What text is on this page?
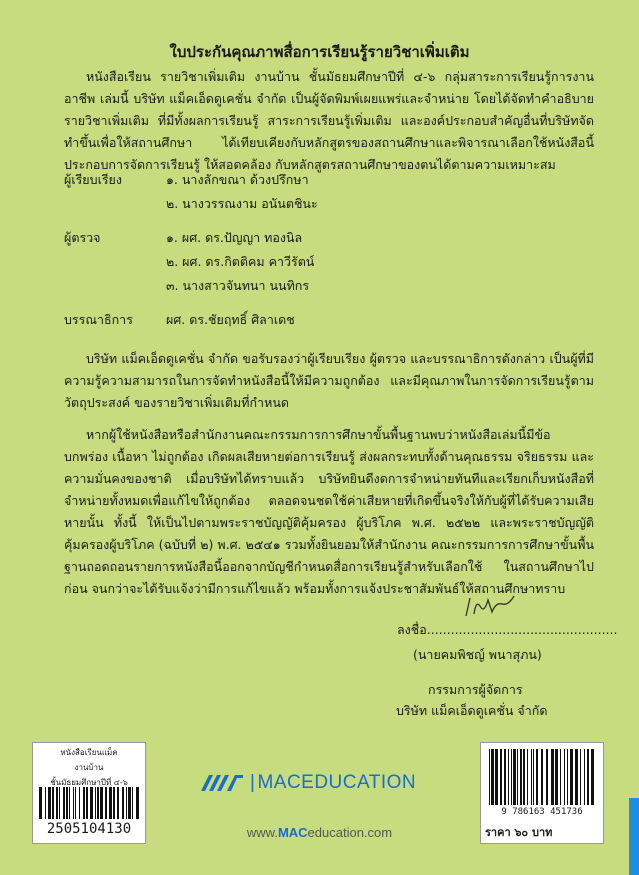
ใบประกันคุณภาพสื่อการเรียนรู้รายวิชาเพิ่มเติม

หนังสือเรียน รายวิชาเพิ่มเติม งานบ้าน ชั้นมัธยมศึกษาปีที่ ๔-๖ กลุ่มสาระการเรียนรู้การงานอาชีพ เล่มนี้ บริษัท แม็คเอ็ดดูเคชั่น จำกัด เป็นผู้จัดพิมพ์เผยแพร่และจำหน่าย โดยได้จัดทำคำอธิบายรายวิชาเพิ่มเติม ที่มีทั้งผลการเรียนรู้ สาระการเรียนรู้เพิ่มเติม และองค์ประกอบสำคัญอื่นที่บริษัทจัดทำขึ้นเพื่อให้สถานศึกษา ได้เทียบเคียงกับหลักสูตรของสถานศึกษาและพิจารณาเลือกใช้หนังสือนี้ประกอบการจัดการเรียนรู้ ให้สอดคล้อง กับหลักสูตรสถานศึกษาของตนได้ตามความเหมาะสม

ผู้เรียบเรียง	๑. นางลักขณา ด้วงปรึกษา
๒. นางวรรณงาม อนันตชินะ
ผู้ตรวจ	๑. ผศ. ดร.ปัญญา ทองนิล
๒. ผศ. ดร.กิตติคม คาวีรัตน์
๓. นางสาวจันทนา นนทิกร
บรรณาธิการ	ผศ. ดร.ชัยฤทธิ์ ศิลาเดช

บริษัท แม็คเอ็ดดูเคชั่น จำกัด ขอรับรองว่าผู้เรียบเรียง ผู้ตรวจ และบรรณาธิการดังกล่าว เป็นผู้ที่มี ความรู้ความสามารถในการจัดทำหนังสือนี้ให้มีความถูกต้อง และมีคุณภาพในการจัดการเรียนรู้ตามวัตถุประสงค์ ของรายวิชาเพิ่มเติมที่กำหนด

หากผู้ใช้หนังสือหรือสำนักงานคณะกรรมการการศึกษาขั้นพื้นฐานพบว่าหนังสือเล่มนี้มีข้อบกพร่อง เนื้อหา ไม่ถูกต้อง เกิดผลเสียหายต่อการเรียนรู้ ส่งผลกระทบทั้งด้านคุณธรรม จริยธรรม และความมั่นคงของชาติ เมื่อบริษัทได้ทราบแล้ว บริษัทยินดีงดการจำหน่ายทันทีและเรียกเก็บหนังสือที่จำหน่ายทั้งหมดเพื่อแก้ไขให้ถูกต้อง ตลอดจนชดใช้ค่าเสียหายที่เกิดขึ้นจริงให้กับผู้ที่ได้รับความเสียหายนั้น ทั้งนี้ ให้เป็นไปตามพระราชบัญญัติคุ้มครอง ผู้บริโภค พ.ศ. ๒๕๒๒ และพระราชบัญญัติคุ้มครองผู้บริโภค (ฉบับที่ ๒) พ.ศ. ๒๕๔๑ รวมทั้งยินยอมให้สำนักงาน คณะกรรมการการศึกษาขั้นพื้นฐานถอดถอนรายการหนังสือนี้ออกจากบัญชีกำหนดสื่อการเรียนรู้สำหรับเลือกใช้ ในสถานศึกษาไปก่อน จนกว่าจะได้รับแจ้งว่ามีการแก้ไขแล้ว พร้อมทั้งการแจ้งประชาสัมพันธ์ให้สถานศึกษาทราบ

ลงชื่อ................................................
(นายคมพิชญ์ พนาสุภน)
กรรมการผู้จัดการ
บริษัท แม็คเอ็ดดูเคชั่น จำกัด
หนังสือเรียนแม็ค
งานบ้าน
ชั้นมัธยมศึกษาปีที่ ๔-๖
2505104130
9 786163 451736
ราคา ๖๐ บาท
| MACEDUCATION
www.MACeducation.com
